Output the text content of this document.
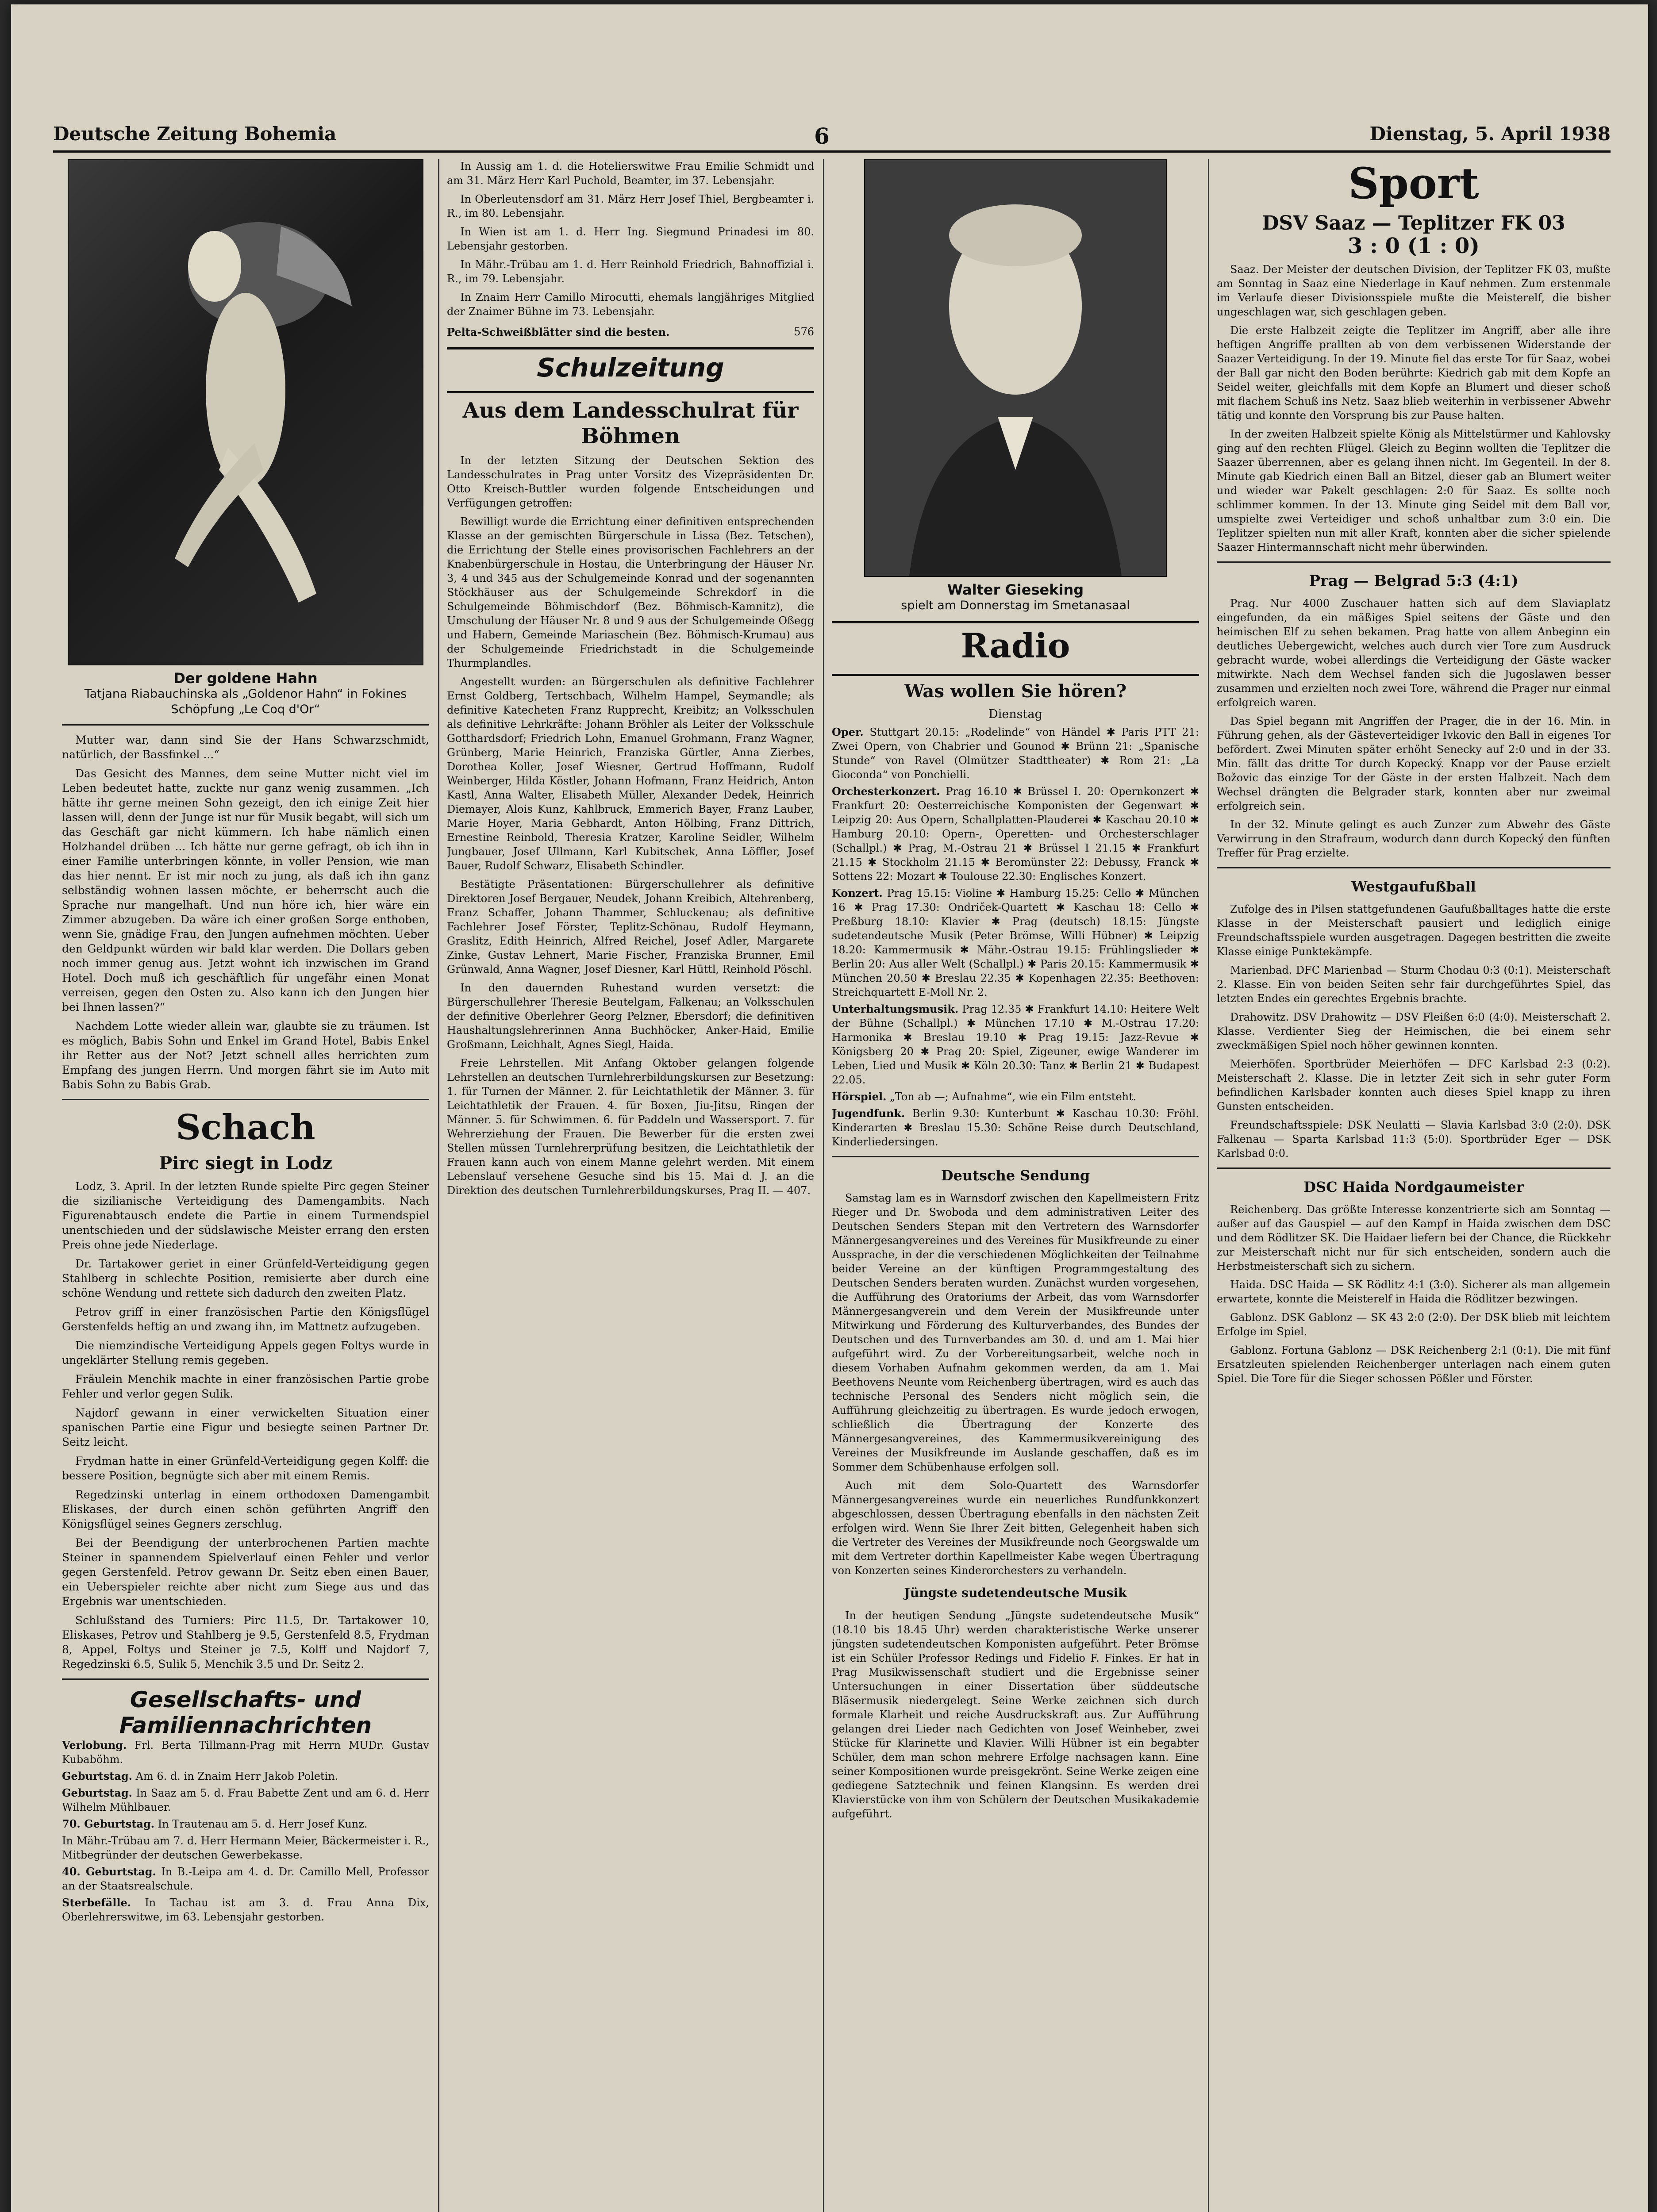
Deutsche Zeitung Bohemia	6	Dienstag, 5. April 1938
Der goldene Hahn
Tatjana Riabauchinska als „Goldenor Hahn“ in Fokines Schöpfung „Le Coq d'Or“

Mutter war, dann sind Sie der Hans Schwarzschmidt, natürlich, der Bassfinkel ...“

Das Gesicht des Mannes, dem seine Mutter nicht viel im Leben bedeutet hatte, zuckte nur ganz wenig zusammen. „Ich hätte ihr gerne meinen Sohn gezeigt, den ich einige Zeit hier lassen will, denn der Junge ist nur für Musik begabt, will sich um das Geschäft gar nicht kümmern. Ich habe nämlich einen Holzhandel drüben ... Ich hätte nur gerne gefragt, ob ich ihn in einer Familie unterbringen könnte, in voller Pension, wie man das hier nennt. Er ist mir noch zu jung, als daß ich ihn ganz selbständig wohnen lassen möchte, er beherrscht auch die Sprache nur mangelhaft. Und nun höre ich, hier wäre ein Zimmer abzugeben. Da wäre ich einer großen Sorge enthoben, wenn Sie, gnädige Frau, den Jungen aufnehmen möchten. Ueber den Geldpunkt würden wir bald klar werden. Die Dollars geben noch immer genug aus. Jetzt wohnt ich inzwischen im Grand Hotel. Doch muß ich geschäftlich für ungefähr einen Monat verreisen, gegen den Osten zu. Also kann ich den Jungen hier bei Ihnen lassen?“

Nachdem Lotte wieder allein war, glaubte sie zu träumen. Ist es möglich, Babis Sohn und Enkel im Grand Hotel, Babis Enkel ihr Retter aus der Not? Jetzt schnell alles herrichten zum Empfang des jungen Herrn. Und morgen fährt sie im Auto mit Babis Sohn zu Babis Grab.

Schach
Pirc siegt in Lodz

Lodz, 3. April. In der letzten Runde spielte Pirc gegen Steiner die sizilianische Verteidigung des Damengambits. Nach Figurenabtausch endete die Partie in einem Turmendspiel unentschieden und der südslawische Meister errang den ersten Preis ohne jede Niederlage.

Dr. Tartakower geriet in einer Grünfeld-Verteidigung gegen Stahlberg in schlechte Position, remisierte aber durch eine schöne Wendung und rettete sich dadurch den zweiten Platz.

Petrov griff in einer französischen Partie den Königsflügel Gerstenfelds heftig an und zwang ihn, im Mattnetz aufzugeben.

Die niemzindische Verteidigung Appels gegen Foltys wurde in ungeklärter Stellung remis gegeben.

Fräulein Menchik machte in einer französischen Partie grobe Fehler und verlor gegen Sulik.

Najdorf gewann in einer verwickelten Situation einer spanischen Partie eine Figur und besiegte seinen Partner Dr. Seitz leicht.

Frydman hatte in einer Grünfeld-Verteidigung gegen Kolff: die bessere Position, begnügte sich aber mit einem Remis.

Regedzinski unterlag in einem orthodoxen Damengambit Eliskases, der durch einen schön geführten Angriff den Königsflügel seines Gegners zerschlug.

Bei der Beendigung der unterbrochenen Partien machte Steiner in spannendem Spielverlauf einen Fehler und verlor gegen Gerstenfeld. Petrov gewann Dr. Seitz eben einen Bauer, ein Ueberspieler reichte aber nicht zum Siege aus und das Ergebnis war unentschieden.

Schlußstand des Turniers: Pirc 11.5, Dr. Tartakower 10, Eliskases, Petrov und Stahlberg je 9.5, Gerstenfeld 8.5, Frydman 8, Appel, Foltys und Steiner je 7.5, Kolff und Najdorf 7, Regedzinski 6.5, Sulik 5, Menchik 3.5 und Dr. Seitz 2.

Gesellschafts- und Familiennachrichten
Verlobung. Frl. Berta Tillmann-Prag mit Herrn MUDr. Gustav Kubaböhm.
Geburtstag. Am 6. d. in Znaim Herr Jakob Poletin.
Geburtstag. In Saaz am 5. d. Frau Babette Zent und am 6. d. Herr Wilhelm Mühlbauer.
70. Geburtstag. In Trautenau am 5. d. Herr Josef Kunz.
In Mähr.-Trübau am 7. d. Herr Hermann Meier, Bäckermeister i. R., Mitbegründer der deutschen Gewerbekasse.
40. Geburtstag. In B.-Leipa am 4. d. Dr. Camillo Mell, Professor an der Staatsrealschule.
Sterbefälle. In Tachau ist am 3. d. Frau Anna Dix, Oberlehrerswitwe, im 63. Lebensjahr gestorben.

In Aussig am 1. d. die Hotelierswitwe Frau Emilie Schmidt und am 31. März Herr Karl Puchold, Beamter, im 37. Lebensjahr.

In Oberleutensdorf am 31. März Herr Josef Thiel, Bergbeamter i. R., im 80. Lebensjahr.

In Wien ist am 1. d. Herr Ing. Siegmund Prinadesi im 80. Lebensjahr gestorben.

In Mähr.-Trübau am 1. d. Herr Reinhold Friedrich, Bahnoffizial i. R., im 79. Lebensjahr.

In Znaim Herr Camillo Mirocutti, ehemals langjähriges Mitglied der Znaimer Bühne im 73. Lebensjahr.

Pelta-Schweißblätter sind die besten.	576
Schulzeitung
Aus dem Landesschulrat für Böhmen

In der letzten Sitzung der Deutschen Sektion des Landesschulrates in Prag unter Vorsitz des Vizepräsidenten Dr. Otto Kreisch-Buttler wurden folgende Entscheidungen und Verfügungen getroffen:

Bewilligt wurde die Errichtung einer definitiven entsprechenden Klasse an der gemischten Bürgerschule in Lissa (Bez. Tetschen), die Errichtung der Stelle eines provisorischen Fachlehrers an der Knabenbürgerschule in Hostau, die Unterbringung der Häuser Nr. 3, 4 und 345 aus der Schulgemeinde Konrad und der sogenannten Stöckhäuser aus der Schulgemeinde Schrekdorf in die Schulgemeinde Böhmischdorf (Bez. Böhmisch-Kamnitz), die Umschulung der Häuser Nr. 8 und 9 aus der Schulgemeinde Oßegg und Habern, Gemeinde Mariaschein (Bez. Böhmisch-Krumau) aus der Schulgemeinde Friedrichstadt in die Schulgemeinde Thurmplandles.

Angestellt wurden: an Bürgerschulen als definitive Fachlehrer Ernst Goldberg, Tertschbach, Wilhelm Hampel, Seymandle; als definitive Katecheten Franz Rupprecht, Kreibitz; an Volksschulen als definitive Lehrkräfte: Johann Bröhler als Leiter der Volksschule Gotthardsdorf; Friedrich Lohn, Emanuel Grohmann, Franz Wagner, Grünberg, Marie Heinrich, Franziska Gürtler, Anna Zierbes, Dorothea Koller, Josef Wiesner, Gertrud Hoffmann, Rudolf Weinberger, Hilda Köstler, Johann Hofmann, Franz Heidrich, Anton Kastl, Anna Walter, Elisabeth Müller, Alexander Dedek, Heinrich Diemayer, Alois Kunz, Kahlbruck, Emmerich Bayer, Franz Lauber, Marie Hoyer, Maria Gebhardt, Anton Hölbing, Franz Dittrich, Ernestine Reinbold, Theresia Kratzer, Karoline Seidler, Wilhelm Jungbauer, Josef Ullmann, Karl Kubitschek, Anna Löffler, Josef Bauer, Rudolf Schwarz, Elisabeth Schindler.

Bestätigte Präsentationen: Bürgerschullehrer als definitive Direktoren Josef Bergauer, Neudek, Johann Kreibich, Altehrenberg, Franz Schaffer, Johann Thammer, Schluckenau; als definitive Fachlehrer Josef Förster, Teplitz-Schönau, Rudolf Heymann, Graslitz, Edith Heinrich, Alfred Reichel, Josef Adler, Margarete Zinke, Gustav Lehnert, Marie Fischer, Franziska Brunner, Emil Grünwald, Anna Wagner, Josef Diesner, Karl Hüttl, Reinhold Pöschl.

In den dauernden Ruhestand wurden versetzt: die Bürgerschullehrer Theresie Beutelgam, Falkenau; an Volksschulen der definitive Oberlehrer Georg Pelzner, Ebersdorf; die definitiven Haushaltungslehrerinnen Anna Buchhöcker, Anker-Haid, Emilie Großmann, Leichhalt, Agnes Siegl, Haida.

Freie Lehrstellen. Mit Anfang Oktober gelangen folgende Lehrstellen an deutschen Turnlehrerbildungskursen zur Besetzung: 1. für Turnen der Männer. 2. für Leichtathletik der Männer. 3. für Leichtathletik der Frauen. 4. für Boxen, Jiu-Jitsu, Ringen der Männer. 5. für Schwimmen. 6. für Paddeln und Wassersport. 7. für Wehrerziehung der Frauen. Die Bewerber für die ersten zwei Stellen müssen Turnlehrerprüfung besitzen, die Leichtathletik der Frauen kann auch von einem Manne gelehrt werden. Mit einem Lebenslauf versehene Gesuche sind bis 15. Mai d. J. an die Direktion des deutschen Turnlehrerbildungskurses, Prag II. — 407.

Walter Gieseking
spielt am Donnerstag im Smetanasaal
Radio
Was wollen Sie hören?
Dienstag
Oper. Stuttgart 20.15: „Rodelinde“ von Händel ✱ Paris PTT 21: Zwei Opern, von Chabrier und Gounod ✱ Brünn 21: „Spanische Stunde“ von Ravel (Olmützer Stadttheater) ✱ Rom 21: „La Gioconda“ von Ponchielli.
Orchesterkonzert. Prag 16.10 ✱ Brüssel I. 20: Opernkonzert ✱ Frankfurt 20: Oesterreichische Komponisten der Gegenwart ✱ Leipzig 20: Aus Opern, Schallplatten-Plauderei ✱ Kaschau 20.10 ✱ Hamburg 20.10: Opern-, Operetten- und Orchesterschlager (Schallpl.) ✱ Prag, M.-Ostrau 21 ✱ Brüssel I 21.15 ✱ Frankfurt 21.15 ✱ Stockholm 21.15 ✱ Beromünster 22: Debussy, Franck ✱ Sottens 22: Mozart ✱ Toulouse 22.30: Englisches Konzert.
Konzert. Prag 15.15: Violine ✱ Hamburg 15.25: Cello ✱ München 16 ✱ Prag 17.30: Ondriček-Quartett ✱ Kaschau 18: Cello ✱ Preßburg 18.10: Klavier ✱ Prag (deutsch) 18.15: Jüngste sudetendeutsche Musik (Peter Brömse, Willi Hübner) ✱ Leipzig 18.20: Kammermusik ✱ Mähr.-Ostrau 19.15: Frühlingslieder ✱ Berlin 20: Aus aller Welt (Schallpl.) ✱ Paris 20.15: Kammermusik ✱ München 20.50 ✱ Breslau 22.35 ✱ Kopenhagen 22.35: Beethoven: Streichquartett E-Moll Nr. 2.
Unterhaltungsmusik. Prag 12.35 ✱ Frankfurt 14.10: Heitere Welt der Bühne (Schallpl.) ✱ München 17.10 ✱ M.-Ostrau 17.20: Harmonika ✱ Breslau 19.10 ✱ Prag 19.15: Jazz-Revue ✱ Königsberg 20 ✱ Prag 20: Spiel, Zigeuner, ewige Wanderer im Leben, Lied und Musik ✱ Köln 20.30: Tanz ✱ Berlin 21 ✱ Budapest 22.05.
Hörspiel. „Ton ab —; Aufnahme“, wie ein Film entsteht.
Jugendfunk. Berlin 9.30: Kunterbunt ✱ Kaschau 10.30: Fröhl. Kinderarten ✱ Breslau 15.30: Schöne Reise durch Deutschland, Kinderliedersingen.
Deutsche Sendung

Samstag lam es in Warnsdorf zwischen den Kapellmeistern Fritz Rieger und Dr. Swoboda und dem administrativen Leiter des Deutschen Senders Stepan mit den Vertretern des Warnsdorfer Männergesangvereines und des Vereines für Musikfreunde zu einer Aussprache, in der die verschiedenen Möglichkeiten der Teilnahme beider Vereine an der künftigen Programmgestaltung des Deutschen Senders beraten wurden. Zunächst wurden vorgesehen, die Aufführung des Oratoriums der Arbeit, das vom Warnsdorfer Männergesangverein und dem Verein der Musikfreunde unter Mitwirkung und Förderung des Kulturverbandes, des Bundes der Deutschen und des Turnverbandes am 30. d. und am 1. Mai hier aufgeführt wird. Zu der Vorbereitungsarbeit, welche noch in diesem Vorhaben Aufnahm gekommen werden, da am 1. Mai Beethovens Neunte vom Reichenberg übertragen, wird es auch das technische Personal des Senders nicht möglich sein, die Aufführung gleichzeitig zu übertragen. Es wurde jedoch erwogen, schließlich die Übertragung der Konzerte des Männergesangvereines, des Kammermusikvereinigung des Vereines der Musikfreunde im Auslande geschaffen, daß es im Sommer dem Schübenhause erfolgen soll.

Auch mit dem Solo-Quartett des Warnsdorfer Männergesangvereines wurde ein neuerliches Rundfunkkonzert abgeschlossen, dessen Übertragung ebenfalls in den nächsten Zeit erfolgen wird. Wenn Sie Ihrer Zeit bitten, Gelegenheit haben sich die Vertreter des Vereines der Musikfreunde noch Georgswalde um mit dem Vertreter dorthin Kapellmeister Kabe wegen Übertragung von Konzerten seines Kinderorchesters zu verhandeln.

Jüngste sudetendeutsche Musik

In der heutigen Sendung „Jüngste sudetendeutsche Musik“ (18.10 bis 18.45 Uhr) werden charakteristische Werke unserer jüngsten sudetendeutschen Komponisten aufgeführt. Peter Brömse ist ein Schüler Professor Redings und Fidelio F. Finkes. Er hat in Prag Musikwissenschaft studiert und die Ergebnisse seiner Untersuchungen in einer Dissertation über süddeutsche Bläsermusik niedergelegt. Seine Werke zeichnen sich durch formale Klarheit und reiche Ausdruckskraft aus. Zur Aufführung gelangen drei Lieder nach Gedichten von Josef Weinheber, zwei Stücke für Klarinette und Klavier. Willi Hübner ist ein begabter Schüler, dem man schon mehrere Erfolge nachsagen kann. Eine seiner Kompositionen wurde preisgekrönt. Seine Werke zeigen eine gediegene Satztechnik und feinen Klangsinn. Es werden drei Klavierstücke von ihm von Schülern der Deutschen Musikakademie aufgeführt.

Sport
DSV Saaz — Teplitzer FK 03
3 : 0 (1 : 0)

Saaz. Der Meister der deutschen Division, der Teplitzer FK 03, mußte am Sonntag in Saaz eine Niederlage in Kauf nehmen. Zum erstenmale im Verlaufe dieser Divisionsspiele mußte die Meisterelf, die bisher ungeschlagen war, sich geschlagen geben.

Die erste Halbzeit zeigte die Teplitzer im Angriff, aber alle ihre heftigen Angriffe prallten ab von dem verbissenen Widerstande der Saazer Verteidigung. In der 19. Minute fiel das erste Tor für Saaz, wobei der Ball gar nicht den Boden berührte: Kiedrich gab mit dem Kopfe an Seidel weiter, gleichfalls mit dem Kopfe an Blumert und dieser schoß mit flachem Schuß ins Netz. Saaz blieb weiterhin in verbissener Abwehr tätig und konnte den Vorsprung bis zur Pause halten.

In der zweiten Halbzeit spielte König als Mittelstürmer und Kahlovsky ging auf den rechten Flügel. Gleich zu Beginn wollten die Teplitzer die Saazer überrennen, aber es gelang ihnen nicht. Im Gegenteil. In der 8. Minute gab Kiedrich einen Ball an Bitzel, dieser gab an Blumert weiter und wieder war Pakelt geschlagen: 2:0 für Saaz. Es sollte noch schlimmer kommen. In der 13. Minute ging Seidel mit dem Ball vor, umspielte zwei Verteidiger und schoß unhaltbar zum 3:0 ein. Die Teplitzer spielten nun mit aller Kraft, konnten aber die sicher spielende Saazer Hintermannschaft nicht mehr überwinden.

Prag — Belgrad 5:3 (4:1)

Prag. Nur 4000 Zuschauer hatten sich auf dem Slaviaplatz eingefunden, da ein mäßiges Spiel seitens der Gäste und den heimischen Elf zu sehen bekamen. Prag hatte von allem Anbeginn ein deutliches Uebergewicht, welches auch durch vier Tore zum Ausdruck gebracht wurde, wobei allerdings die Verteidigung der Gäste wacker mitwirkte. Nach dem Wechsel fanden sich die Jugoslawen besser zusammen und erzielten noch zwei Tore, während die Prager nur einmal erfolgreich waren.

Das Spiel begann mit Angriffen der Prager, die in der 16. Min. in Führung gehen, als der Gästeverteidiger Ivkovic den Ball in eigenes Tor befördert. Zwei Minuten später erhöht Senecky auf 2:0 und in der 33. Min. fällt das dritte Tor durch Kopecký. Knapp vor der Pause erzielt Božovic das einzige Tor der Gäste in der ersten Halbzeit. Nach dem Wechsel drängten die Belgrader stark, konnten aber nur zweimal erfolgreich sein.

In der 32. Minute gelingt es auch Zunzer zum Abwehr des Gäste Verwirrung in den Strafraum, wodurch dann durch Kopecký den fünften Treffer für Prag erzielte.

Westgaufußball

Zufolge des in Pilsen stattgefundenen Gaufußballtages hatte die erste Klasse in der Meisterschaft pausiert und lediglich einige Freundschaftsspiele wurden ausgetragen. Dagegen bestritten die zweite Klasse einige Punktekämpfe.

Marienbad. DFC Marienbad — Sturm Chodau 0:3 (0:1). Meisterschaft 2. Klasse. Ein von beiden Seiten sehr fair durchgeführtes Spiel, das letzten Endes ein gerechtes Ergebnis brachte.

Drahowitz. DSV Drahowitz — DSV Fleißen 6:0 (4:0). Meisterschaft 2. Klasse. Verdienter Sieg der Heimischen, die bei einem sehr zweckmäßigen Spiel noch höher gewinnen konnten.

Meierhöfen. Sportbrüder Meierhöfen — DFC Karlsbad 2:3 (0:2). Meisterschaft 2. Klasse. Die in letzter Zeit sich in sehr guter Form befindlichen Karlsbader konnten auch dieses Spiel knapp zu ihren Gunsten entscheiden.

Freundschaftsspiele: DSK Neulatti — Slavia Karlsbad 3:0 (2:0). DSK Falkenau — Sparta Karlsbad 11:3 (5:0). Sportbrüder Eger — DSK Karlsbad 0:0.

DSC Haida Nordgaumeister

Reichenberg. Das größte Interesse konzentrierte sich am Sonntag — außer auf das Gauspiel — auf den Kampf in Haida zwischen dem DSC und dem Rödlitzer SK. Die Haidaer liefern bei der Chance, die Rückkehr zur Meisterschaft nicht nur für sich entscheiden, sondern auch die Herbstmeisterschaft sich zu sichern.

Haida. DSC Haida — SK Rödlitz 4:1 (3:0). Sicherer als man allgemein erwartete, konnte die Meisterelf in Haida die Rödlitzer bezwingen.

Gablonz. DSK Gablonz — SK 43 2:0 (2:0). Der DSK blieb mit leichtem Erfolge im Spiel.

Gablonz. Fortuna Gablonz — DSK Reichenberg 2:1 (0:1). Die mit fünf Ersatzleuten spielenden Reichenberger unterlagen nach einem guten Spiel. Die Tore für die Sieger schossen Pößler und Förster.
